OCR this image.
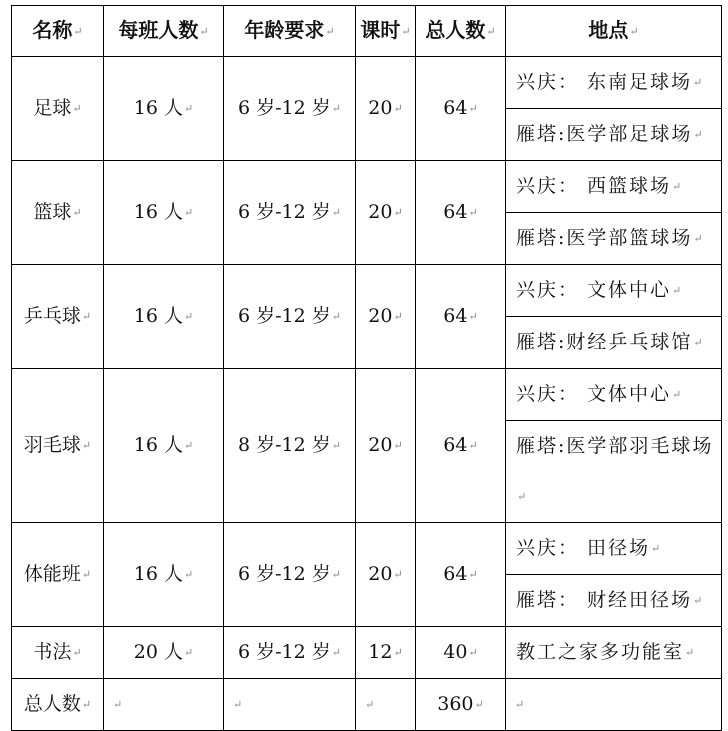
名称↵	每班人数↵	年龄要求↵	课时↵	总人数↵	地点↵
足球↵	16 人↵	6 岁-12 岁↵	20↵	64↵	兴庆： 东南足球场↵
					雁塔:医学部足球场↵
篮球↵	16 人↵	6 岁-12 岁↵	20↵	64↵	兴庆： 西篮球场↵
					雁塔:医学部篮球场↵
乒乓球↵	16 人↵	6 岁-12 岁↵	20↵	64↵	兴庆： 文体中心↵
					雁塔:财经乒乓球馆↵
羽毛球↵	16 人↵	8 岁-12 岁↵	20↵	64↵	兴庆： 文体中心↵
					雁塔:医学部羽毛球场↵
体能班↵	16 人↵	6 岁-12 岁↵	20↵	64↵	兴庆： 田径场↵
					雁塔： 财经田径场↵
书法↵	20 人↵	6 岁-12 岁↵	12↵	40↵	教工之家多功能室↵
总人数↵	↵	↵	↵	360↵	↵
